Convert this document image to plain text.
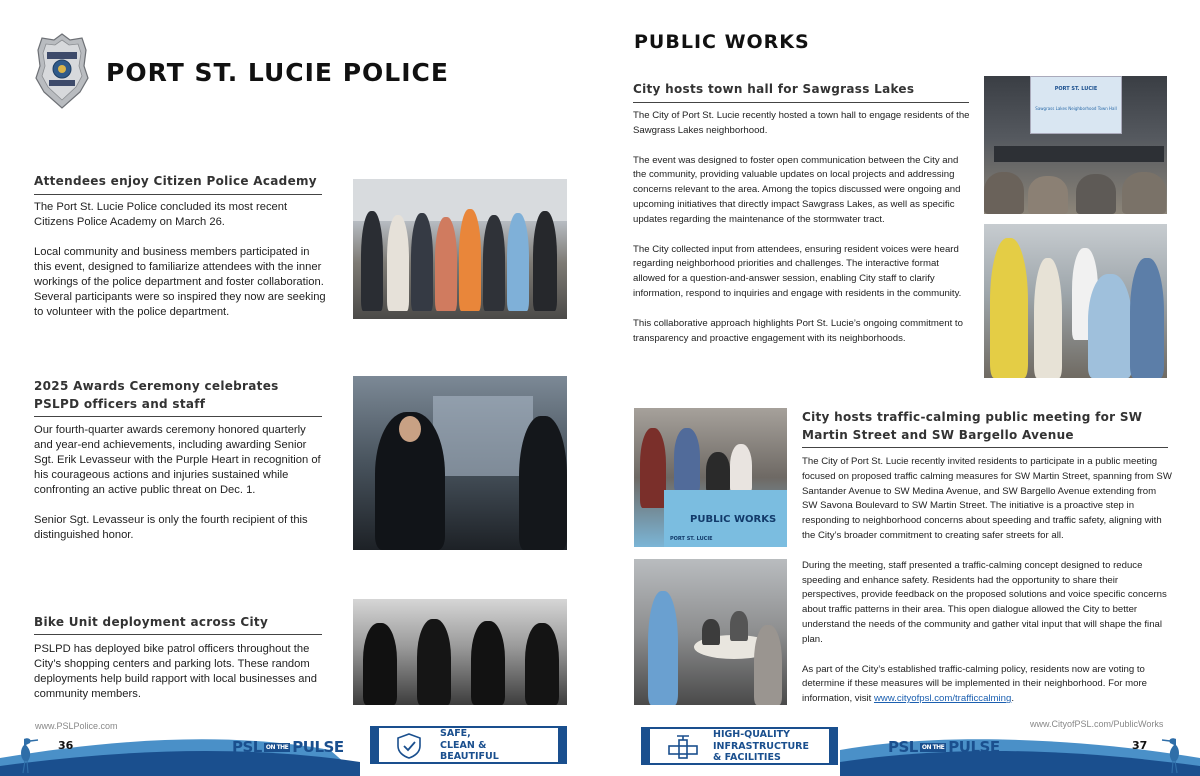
PORT ST. LUCIE POLICE
Attendees enjoy Citizen Police Academy

The Port St. Lucie Police concluded its most recent Citizens Police Academy on March 26.

Local community and business members participated in this event, designed to familiarize attendees with the inner workings of the police department and foster collaboration. Several participants were so inspired they now are seeking to volunteer with the police department.

2025 Awards Ceremony celebrates PSLPD officers and staff

Our fourth-quarter awards ceremony honored quarterly and year-end achievements, including awarding Senior Sgt. Erik Levasseur with the Purple Heart in recognition of his courageous actions and injuries sustained while confronting an active public threat on Dec. 1.

Senior Sgt. Levasseur is only the fourth recipient of this distinguished honor.

Bike Unit deployment across City

PSLPD has deployed bike patrol officers throughout the City’s shopping centers and parking lots. These random deployments help build rapport with local businesses and community members.

www.PSLPolice.com
PUBLIC WORKS
City hosts town hall for Sawgrass Lakes

The City of Port St. Lucie recently hosted a town hall to engage residents of the Sawgrass Lakes neighborhood.

The event was designed to foster open communication between the City and the community, providing valuable updates on local projects and addressing concerns relevant to the area. Among the topics discussed were ongoing and upcoming initiatives that directly impact Sawgrass Lakes, as well as specific updates regarding the maintenance of the stormwater tract.

The City collected input from attendees, ensuring resident voices were heard regarding neighborhood priorities and challenges. The interactive format allowed for a question-and-answer session, enabling City staff to clarify information, respond to inquiries and engage with residents in the community.

This collaborative approach highlights Port St. Lucie’s ongoing commitment to transparency and proactive engagement with its neighborhoods.

PORT ST. LUCIE
Sawgrass Lakes Neighborhood Town Hall
PUBLIC WORKS
PORT ST. LUCIE
City hosts traffic-calming public meeting for SW Martin Street and SW Bargello Avenue

The City of Port St. Lucie recently invited residents to participate in a public meeting focused on proposed traffic calming measures for SW Martin Street, spanning from SW Santander Avenue to SW Medina Avenue, and SW Bargello Avenue extending from SW Savona Boulevard to SW Martin Street. The initiative is a proactive step in responding to neighborhood concerns about speeding and traffic safety, aligning with the City’s broader commitment to creating safer streets for all.

During the meeting, staff presented a traffic-calming concept designed to reduce speeding and enhance safety. Residents had the opportunity to share their perspectives, provide feedback on the proposed solutions and voice specific concerns about traffic patterns in their area. This open dialogue allowed the City to better understand the needs of the community and gather vital input that will shape the final plan.

As part of the City’s established traffic-calming policy, residents now are voting to determine if these measures will be implemented in their neighborhood. For more information, visit www.cityofpsl.com/trafficcalming.

www.CityofPSL.com/PublicWorks
36	37
PSL ON THE PULSE	PSL ON THE PULSE
SAFE,
CLEAN &
BEAUTIFUL
HIGH-QUALITY
INFRASTRUCTURE
& FACILITIES
